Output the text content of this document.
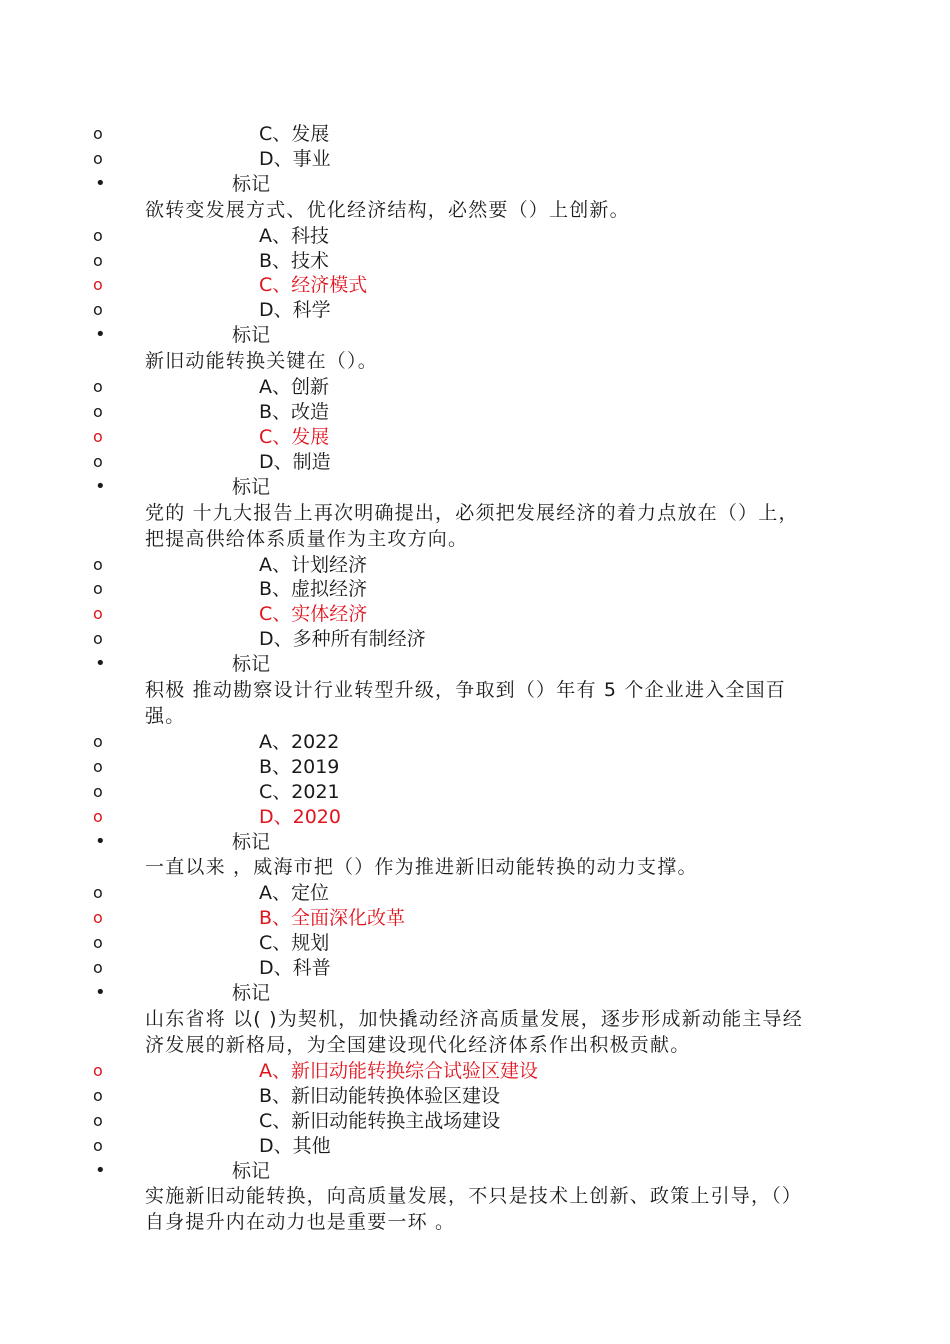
o	C、发展
o	D、事业
•	标记
欲转变发展方式、优化经济结构，必然要（）上创新。
o	A、科技
o	B、技术
o	C、经济模式
o	D、科学
•	标记
新旧动能转换关键在（）。
o	A、创新
o	B、改造
o	C、发展
o	D、制造
•	标记
党的 十九大报告上再次明确提出，必须把发展经济的着力点放在（）上，把提高供给体系质量作为主攻方向。
o	A、计划经济
o	B、虚拟经济
o	C、实体经济
o	D、多种所有制经济
•	标记
积极 推动勘察设计行业转型升级，争取到（）年有 5 个企业进入全国百强。
o	A、2022
o	B、2019
o	C、2021
o	D、2020
•	标记
一直以来 ，威海市把（）作为推进新旧动能转换的动力支撑。
o	A、定位
o	B、全面深化改革
o	C、规划
o	D、科普
•	标记
山东省将 以( )为契机，加快撬动经济高质量发展，逐步形成新动能主导经济发展的新格局，为全国建设现代化经济体系作出积极贡献。
o	A、新旧动能转换综合试验区建设
o	B、新旧动能转换体验区建设
o	C、新旧动能转换主战场建设
o	D、其他
•	标记
实施新旧动能转换，向高质量发展，不只是技术上创新、政策上引导，（）自身提升内在动力也是重要一环 。
